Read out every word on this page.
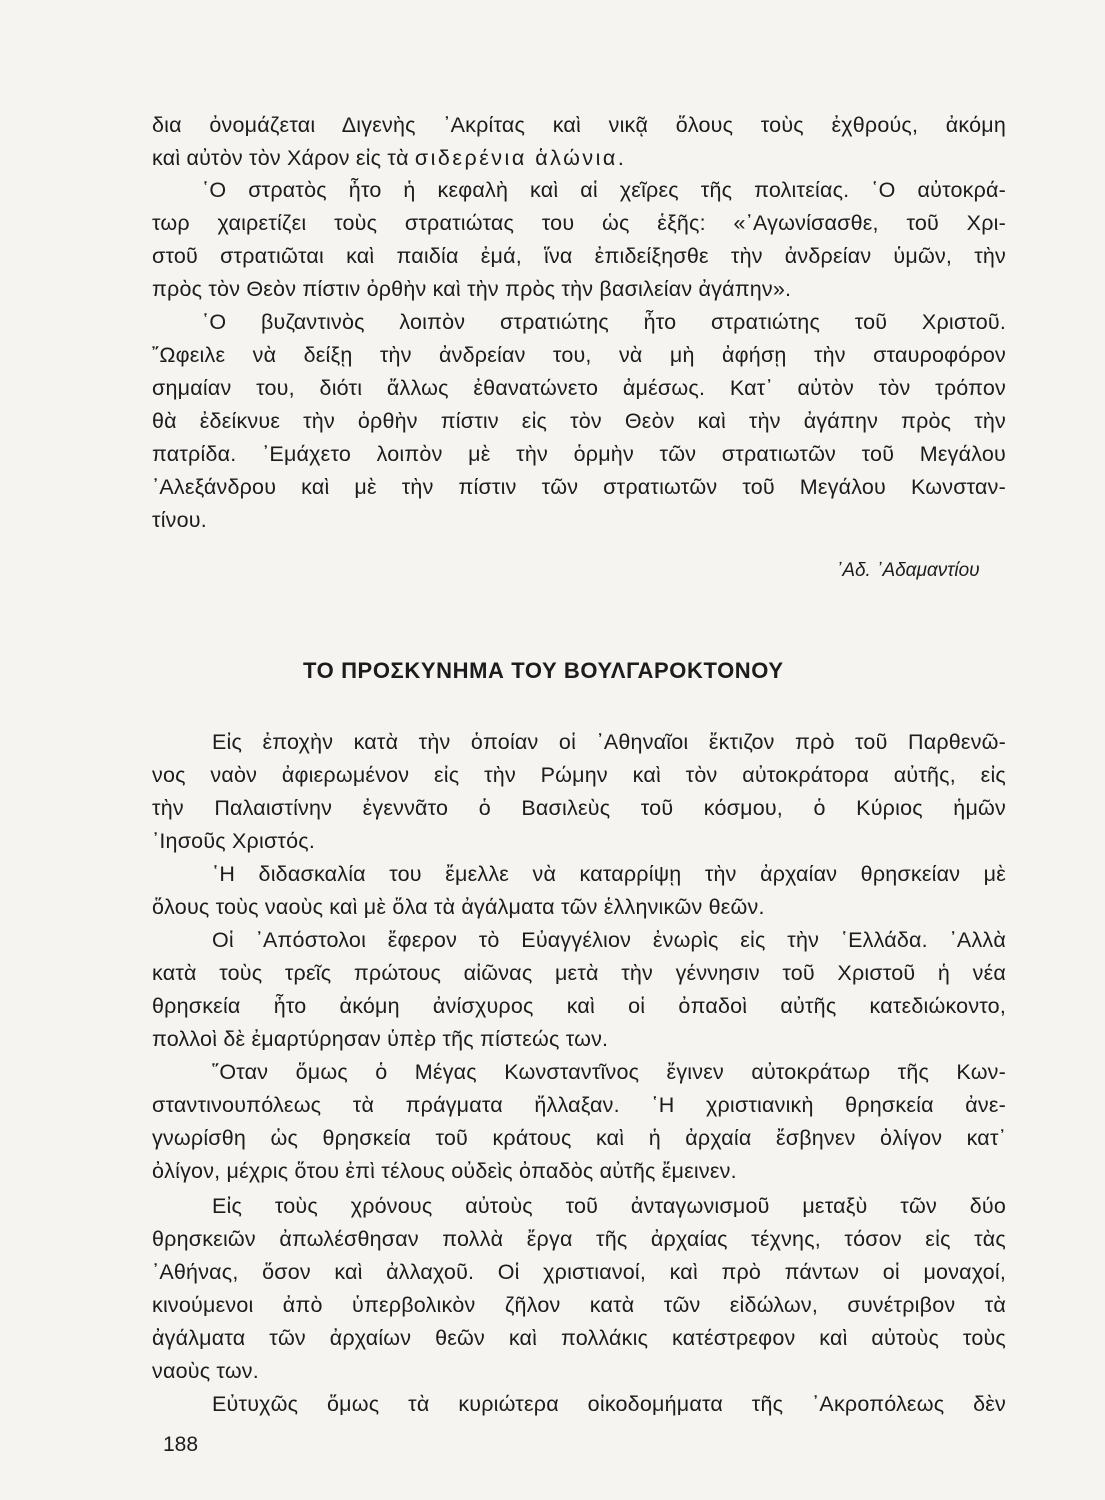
δια ὀνομάζεται Διγενὴς ᾿Ακρίτας καὶ νικᾷ ὅλους τοὺς ἐχθρούς, ἀκόμη
καὶ αὐτὸν τὸν Χάρον εἰς τὰ σιδερένια ἁλώνια.
῾Ο στρατὸς ἦτο ἡ κεφαλὴ καὶ αἱ χεῖρες τῆς πολιτείας. ῾Ο αὐτοκρά-
τωρ χαιρετίζει τοὺς στρατιώτας του ὡς ἑξῆς: «᾿Αγωνίσασθε, τοῦ Χρι-
στοῦ στρατιῶται καὶ παιδία ἐμά, ἵνα ἐπιδείξησθε τὴν ἀνδρείαν ὑμῶν, τὴν
πρὸς τὸν Θεὸν πίστιν ὀρθὴν καὶ τὴν πρὸς τὴν βασιλείαν ἀγάπην».
῾Ο βυζαντινὸς λοιπὸν στρατιώτης ἦτο στρατιώτης τοῦ Χριστοῦ.
῎Ωφειλε νὰ δείξῃ τὴν ἀνδρείαν του, νὰ μὴ ἀφήσῃ τὴν σταυροφόρον
σημαίαν του, διότι ἄλλως ἐθανατώνετο ἀμέσως. Κατ᾿ αὐτὸν τὸν τρόπον
θὰ ἐδείκνυε τὴν ὀρθὴν πίστιν εἰς τὸν Θεὸν καὶ τὴν ἀγάπην πρὸς τὴν
πατρίδα. ᾿Εμάχετο λοιπὸν μὲ τὴν ὁρμὴν τῶν στρατιωτῶν τοῦ Μεγάλου
᾿Αλεξάνδρου καὶ μὲ τὴν πίστιν τῶν στρατιωτῶν τοῦ Μεγάλου Κωνσταν-
τίνου.
᾿Αδ. ᾿Αδαμαντίου
ΤΟ ΠΡΟΣΚΥΝΗΜΑ ΤΟΥ ΒΟΥΛΓΑΡΟΚΤΟΝΟΥ
Εἰς ἐποχὴν κατὰ τὴν ὁποίαν οἱ ᾿Αθηναῖοι ἔκτιζον πρὸ τοῦ Παρθενῶ-
νος ναὸν ἀφιερωμένον εἰς τὴν Ρώμην καὶ τὸν αὐτοκράτορα αὐτῆς, εἰς
τὴν Παλαιστίνην ἐγεννᾶτο ὁ Βασιλεὺς τοῦ κόσμου, ὁ Κύριος ἡμῶν
᾿Ιησοῦς Χριστός.
῾Η διδασκαλία του ἔμελλε νὰ καταρρίψῃ τὴν ἀρχαίαν θρησκείαν μὲ
ὅλους τοὺς ναοὺς καὶ μὲ ὅλα τὰ ἀγάλματα τῶν ἑλληνικῶν θεῶν.
Οἱ ᾿Απόστολοι ἔφερον τὸ Εὐαγγέλιον ἐνωρὶς εἰς τὴν ῾Ελλάδα. ᾿Αλλὰ
κατὰ τοὺς τρεῖς πρώτους αἰῶνας μετὰ τὴν γέννησιν τοῦ Χριστοῦ ἡ νέα
θρησκεία ἦτο ἀκόμη ἀνίσχυρος καὶ οἱ ὀπαδοὶ αὐτῆς κατεδιώκοντο,
πολλοὶ δὲ ἐμαρτύρησαν ὑπὲρ τῆς πίστεώς των.
῞Οταν ὅμως ὁ Μέγας Κωνσταντῖνος ἔγινεν αὐτοκράτωρ τῆς Κων-
σταντινουπόλεως τὰ πράγματα ἤλλαξαν. ῾Η χριστιανικὴ θρησκεία ἀνε-
γνωρίσθη ὡς θρησκεία τοῦ κράτους καὶ ἡ ἀρχαία ἔσβηνεν ὀλίγον κατ᾿
ὀλίγον, μέχρις ὅτου ἐπὶ τέλους οὐδεὶς ὀπαδὸς αὐτῆς ἔμεινεν.
Εἰς τοὺς χρόνους αὐτοὺς τοῦ ἀνταγωνισμοῦ μεταξὺ τῶν δύο
θρησκειῶν ἀπωλέσθησαν πολλὰ ἔργα τῆς ἀρχαίας τέχνης, τόσον εἰς τὰς
᾿Αθήνας, ὅσον καὶ ἀλλαχοῦ. Οἱ χριστιανοί, καὶ πρὸ πάντων οἱ μοναχοί,
κινούμενοι ἀπὸ ὑπερβολικὸν ζῆλον κατὰ τῶν εἰδώλων, συνέτριβον τὰ
ἀγάλματα τῶν ἀρχαίων θεῶν καὶ πολλάκις κατέστρεφον καὶ αὐτοὺς τοὺς
ναοὺς των.
Εὐτυχῶς ὅμως τὰ κυριώτερα οἰκοδομήματα τῆς ᾿Ακροπόλεως δὲν
188
